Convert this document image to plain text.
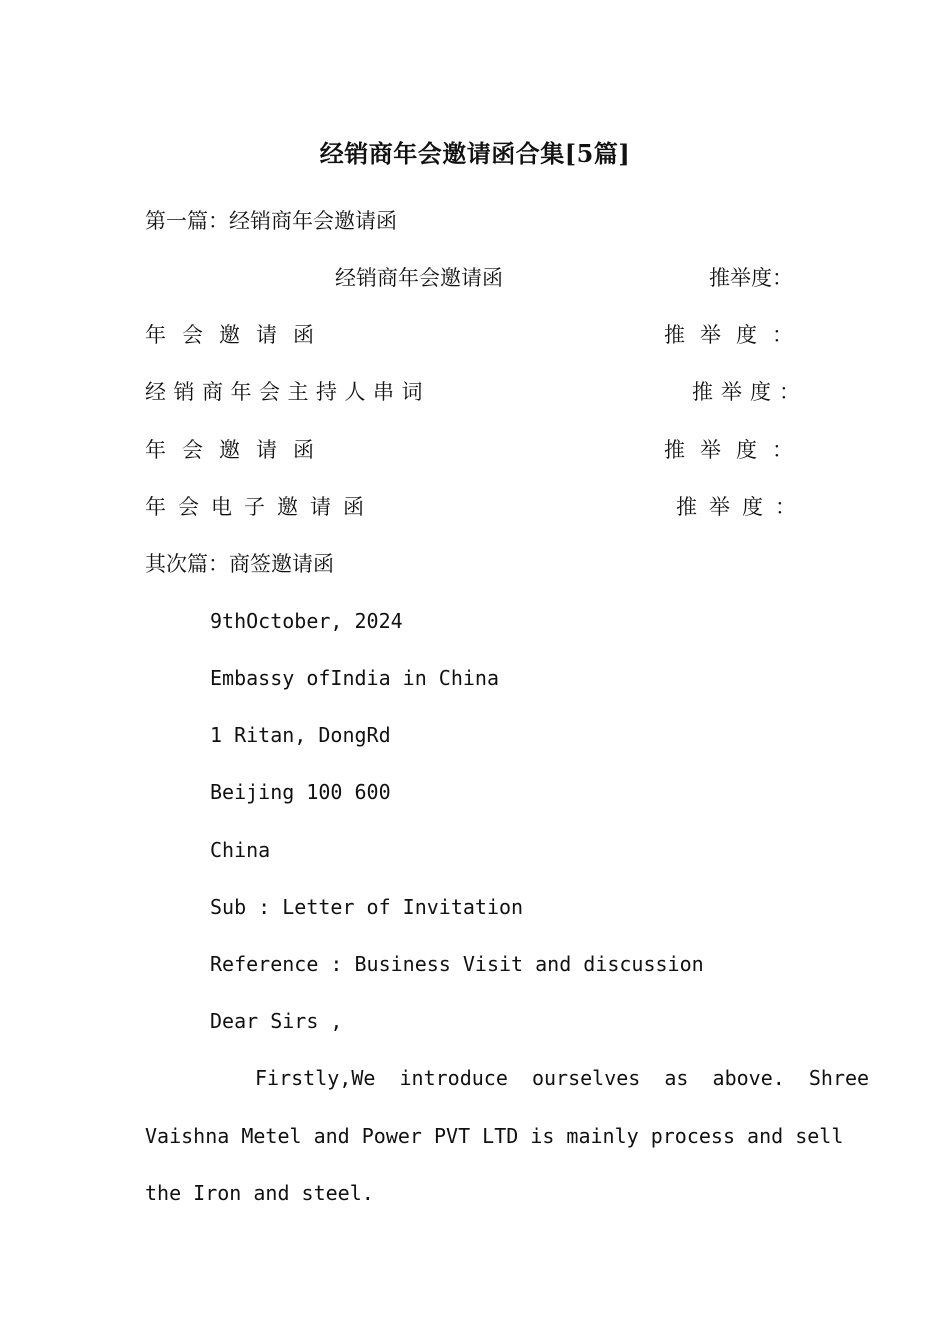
经销商年会邀请函合集[5篇]
第一篇：经销商年会邀请函
经销商年会邀请函	推举度：
年会邀请函	推举度：
经销商年会主持人串词	推举度：
年会邀请函	推举度：
年会电子邀请函	推举度：
其次篇：商签邀请函
9thOctober, 2024
Embassy ofIndia in China
1 Ritan, DongRd
Beijing 100 600
China
Sub : Letter of Invitation
Reference : Business Visit and discussion
Dear Sirs ,
Firstly,We  introduce  ourselves  as  above.  Shree
Vaishna Metel and Power PVT LTD is mainly process and sell
the Iron and steel.
